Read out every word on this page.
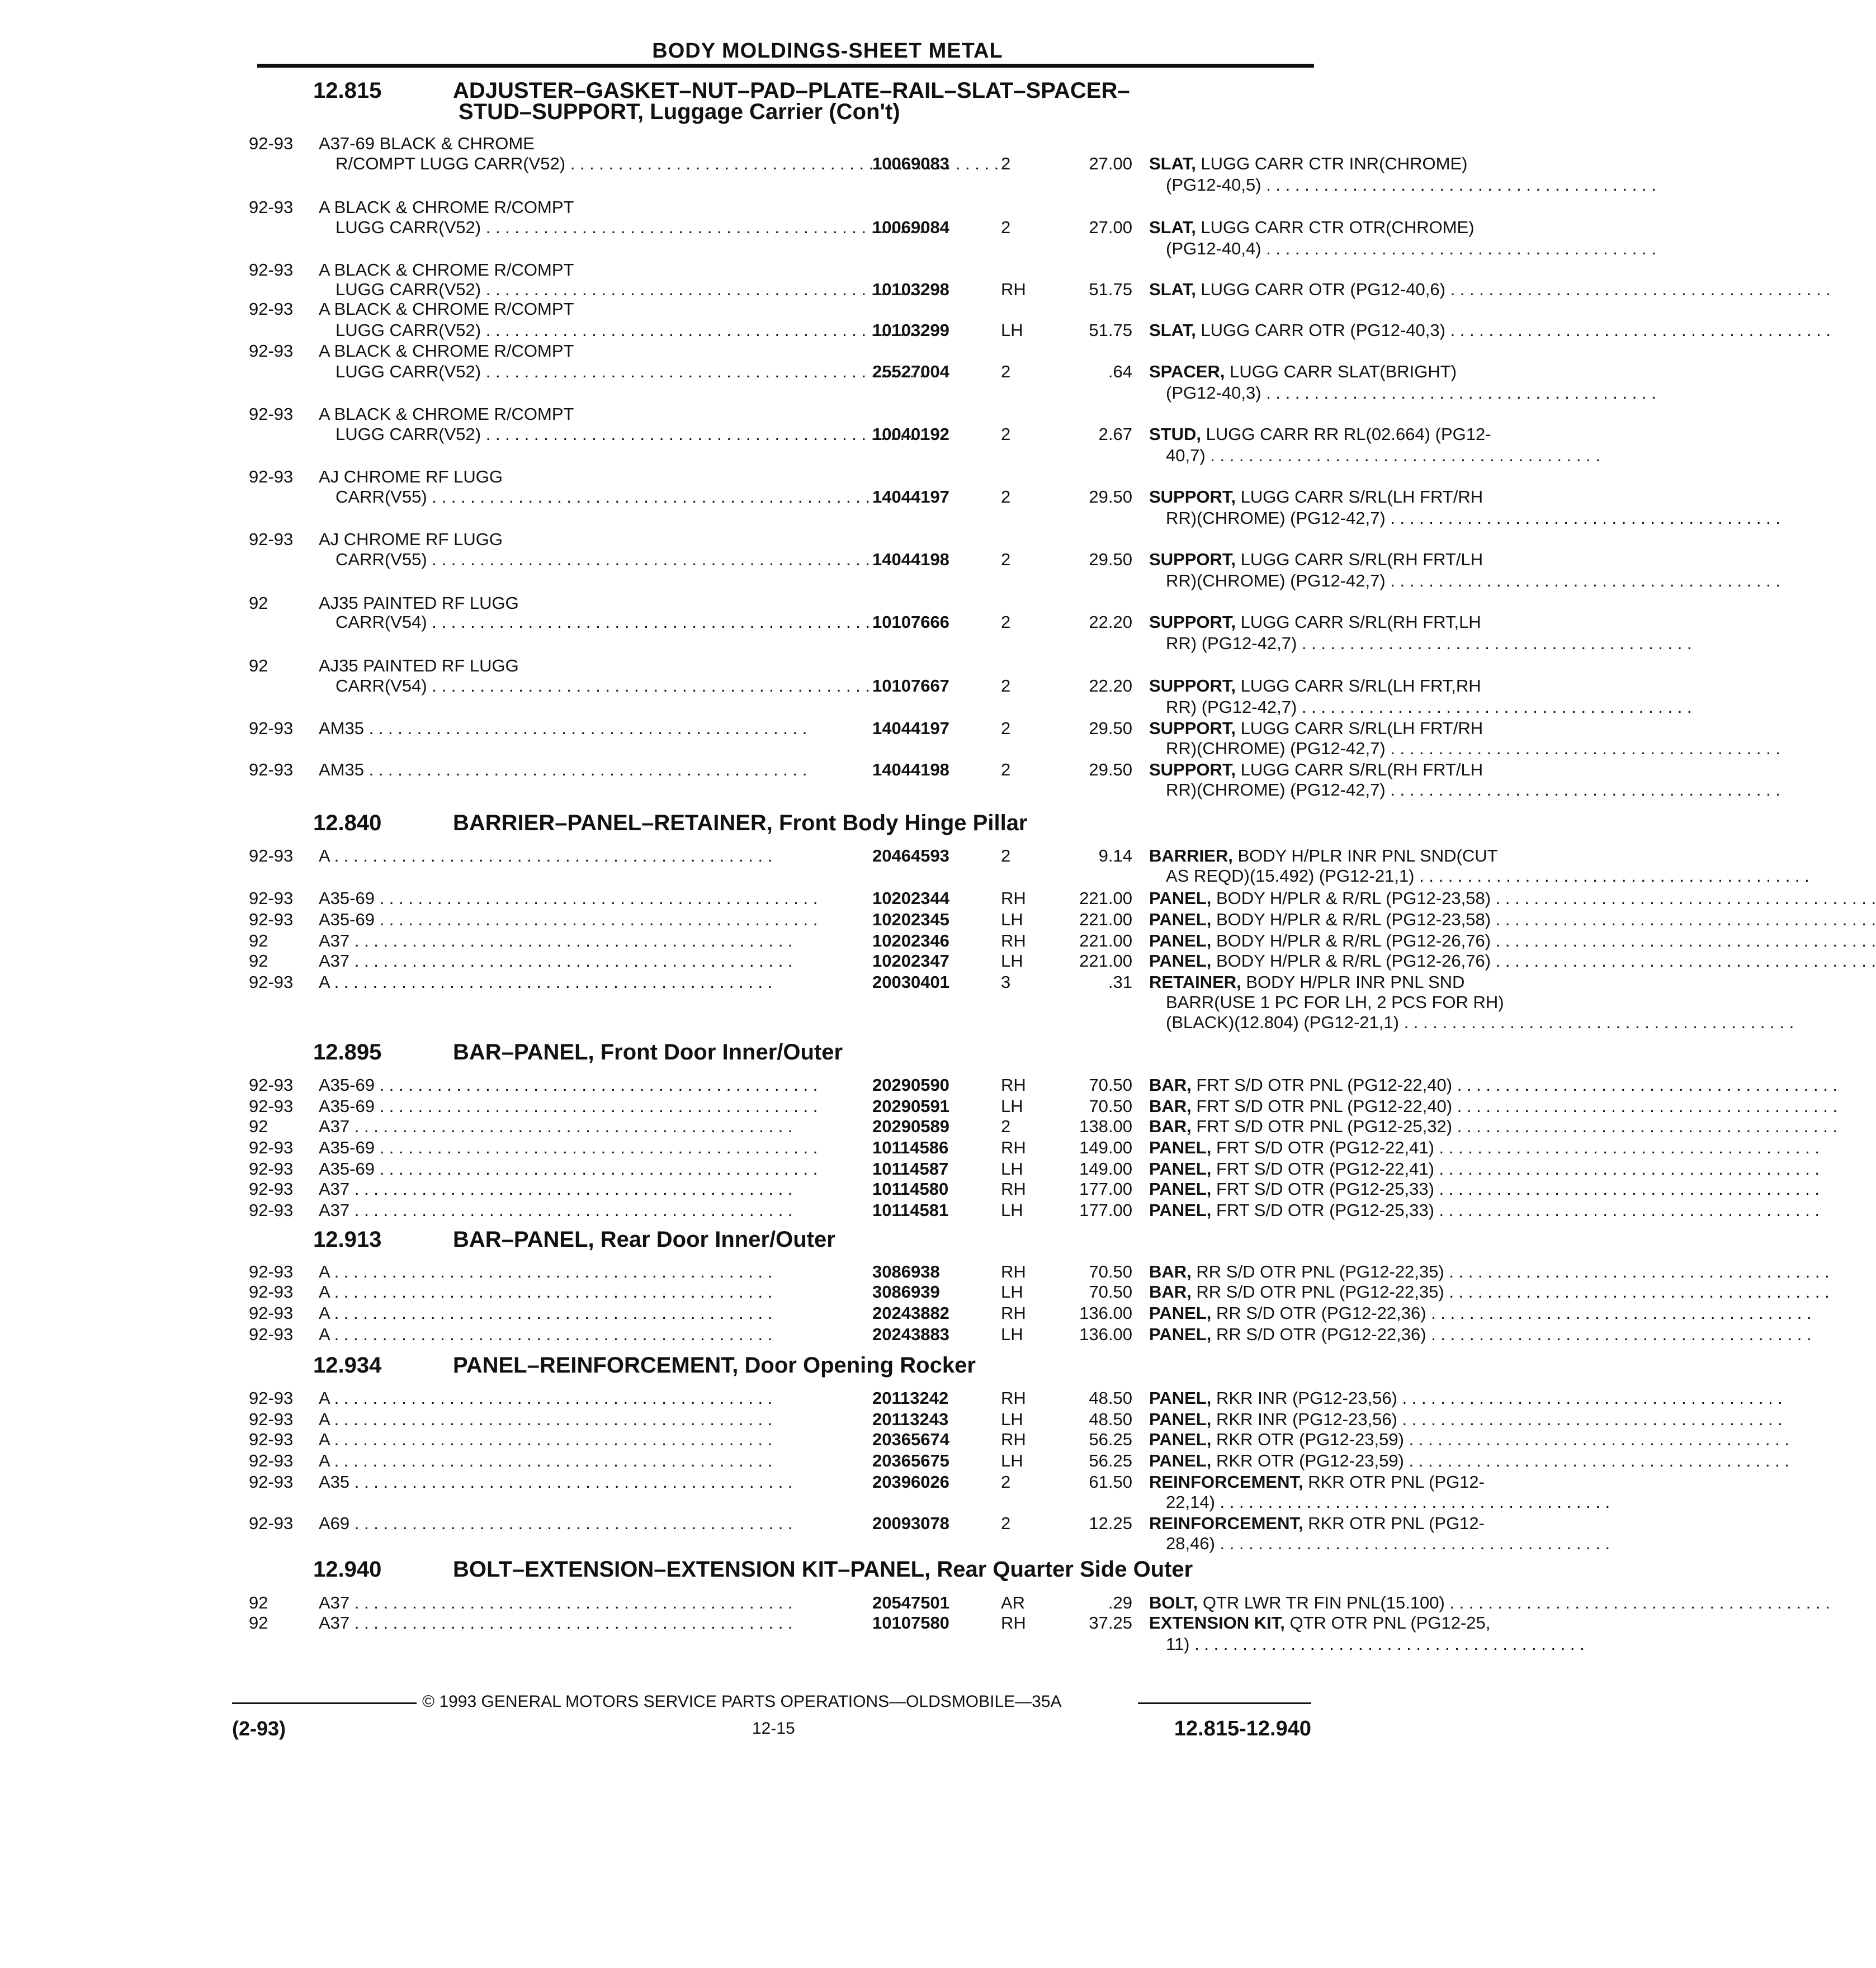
BODY MOLDINGS-SHEET METAL
12.815	ADJUSTER–GASKET–NUT–PAD–PLATE–RAIL–SLAT–SPACER–
STUD–SUPPORT, Luggage Carrier (Con't)
12.840	BARRIER–PANEL–RETAINER, Front Body Hinge Pillar
12.895	BAR–PANEL, Front Door Inner/Outer
12.913	BAR–PANEL, Rear Door Inner/Outer
12.934	PANEL–REINFORCEMENT, Door Opening Rocker
12.940	BOLT–EXTENSION–EXTENSION KIT–PANEL, Rear Quarter Side Outer
92-93 A37-69 BLACK & CHROME
R/COMPT LUGG CARR(V52) . . .	10069083	2	27.00 SLAT, LUGG CARR CTR INR(CHROME)
(PG12-40,5) . . .
92-93 A BLACK & CHROME R/COMPT
LUGG CARR(V52) . . .	10069084	2	27.00 SLAT, LUGG CARR CTR OTR(CHROME)
(PG12-40,4) . . .
92-93 A BLACK & CHROME R/COMPT
LUGG CARR(V52) . . .	10103298	RH	51.75 SLAT, LUGG CARR OTR (PG12-40,6) . . .
92-93 A BLACK & CHROME R/COMPT
LUGG CARR(V52) . . .	10103299	LH	51.75 SLAT, LUGG CARR OTR (PG12-40,3) . . .
92-93 A BLACK & CHROME R/COMPT
LUGG CARR(V52) . . .	25527004	2	.64 SPACER, LUGG CARR SLAT(BRIGHT)
(PG12-40,3) . . .
92-93 A BLACK & CHROME R/COMPT
LUGG CARR(V52) . . .	10040192	2	2.67 STUD, LUGG CARR RR RL(02.664) (PG12-
40,7) . . .
92-93 AJ CHROME RF LUGG
CARR(V55) . . .	14044197	2	29.50 SUPPORT, LUGG CARR S/RL(LH FRT/RH
RR)(CHROME) (PG12-42,7) . . .
92-93 AJ CHROME RF LUGG
CARR(V55) . . .	14044198	2	29.50 SUPPORT, LUGG CARR S/RL(RH FRT/LH
RR)(CHROME) (PG12-42,7) . . .
92	AJ35 PAINTED RF LUGG
CARR(V54) . . .	10107666	2	22.20 SUPPORT, LUGG CARR S/RL(RH FRT,LH
RR) (PG12-42,7) . . .
92	AJ35 PAINTED RF LUGG
CARR(V54) . . .	10107667	2	22.20 SUPPORT, LUGG CARR S/RL(LH FRT,RH
RR) (PG12-42,7) . . .
92-93 AM35 . . .	14044197	2	29.50 SUPPORT, LUGG CARR S/RL(LH FRT/RH
RR)(CHROME) (PG12-42,7) . . .
92-93 AM35 . . .	14044198	2	29.50 SUPPORT, LUGG CARR S/RL(RH FRT/LH
RR)(CHROME) (PG12-42,7) . . .
92-93 A . . .	20464593	2	9.14 BARRIER, BODY H/PLR INR PNL SND(CUT
AS REQD)(15.492) (PG12-21,1) . . .
92-93 A35-69 . . .	10202344	RH	221.00 PANEL, BODY H/PLR & R/RL (PG12-23,58) . . .
92-93 A35-69 . . .	10202345	LH	221.00 PANEL, BODY H/PLR & R/RL (PG12-23,58) . . .
92	A37 . . .	10202346	RH	221.00 PANEL, BODY H/PLR & R/RL (PG12-26,76) . . .
92	A37 . . .	10202347	LH	221.00 PANEL, BODY H/PLR & R/RL (PG12-26,76) . . .
92-93 A . . .	20030401	3	.31 RETAINER, BODY H/PLR INR PNL SND
BARR(USE 1 PC FOR LH, 2 PCS FOR RH)
(BLACK)(12.804) (PG12-21,1) . . .
92-93 A35-69 . . .	20290590	RH	70.50 BAR, FRT S/D OTR PNL (PG12-22,40) . . .
92-93 A35-69 . . .	20290591	LH	70.50 BAR, FRT S/D OTR PNL (PG12-22,40) . . .
92	A37 . . .	20290589	2	138.00 BAR, FRT S/D OTR PNL (PG12-25,32) . . .
92-93 A35-69 . . .	10114586	RH	149.00 PANEL, FRT S/D OTR (PG12-22,41) . . .
92-93 A35-69 . . .	10114587	LH	149.00 PANEL, FRT S/D OTR (PG12-22,41) . . .
92-93 A37 . . .	10114580	RH	177.00 PANEL, FRT S/D OTR (PG12-25,33) . . .
92-93 A37 . . .	10114581	LH	177.00 PANEL, FRT S/D OTR (PG12-25,33) . . .
92-93 A . . .	3086938	RH	70.50 BAR, RR S/D OTR PNL (PG12-22,35) . . .
92-93 A . . .	3086939	LH	70.50 BAR, RR S/D OTR PNL (PG12-22,35) . . .
92-93 A . . .	20243882	RH	136.00 PANEL, RR S/D OTR (PG12-22,36) . . .
92-93 A . . .	20243883	LH	136.00 PANEL, RR S/D OTR (PG12-22,36) . . .
92-93 A . . .	20113242	RH	48.50 PANEL, RKR INR (PG12-23,56) . . .
92-93 A . . .	20113243	LH	48.50 PANEL, RKR INR (PG12-23,56) . . .
92-93 A . . .	20365674	RH	56.25 PANEL, RKR OTR (PG12-23,59) . . .
92-93 A . . .	20365675	LH	56.25 PANEL, RKR OTR (PG12-23,59) . . .
92-93 A35 . . .	20396026	2	61.50 REINFORCEMENT, RKR OTR PNL (PG12-
22,14) . . .
92-93 A69 . . .	20093078	2	12.25 REINFORCEMENT, RKR OTR PNL (PG12-
28,46) . . .
92	A37 . . .	20547501	AR	.29 BOLT, QTR LWR TR FIN PNL(15.100) . . .
92	A37 . . .	10107580	RH	37.25 EXTENSION KIT, QTR OTR PNL (PG12-25,
11) . . .
© 1993 GENERAL MOTORS SERVICE PARTS OPERATIONS—OLDSMOBILE—35A
(2-93)	12-15	12.815-12.940
